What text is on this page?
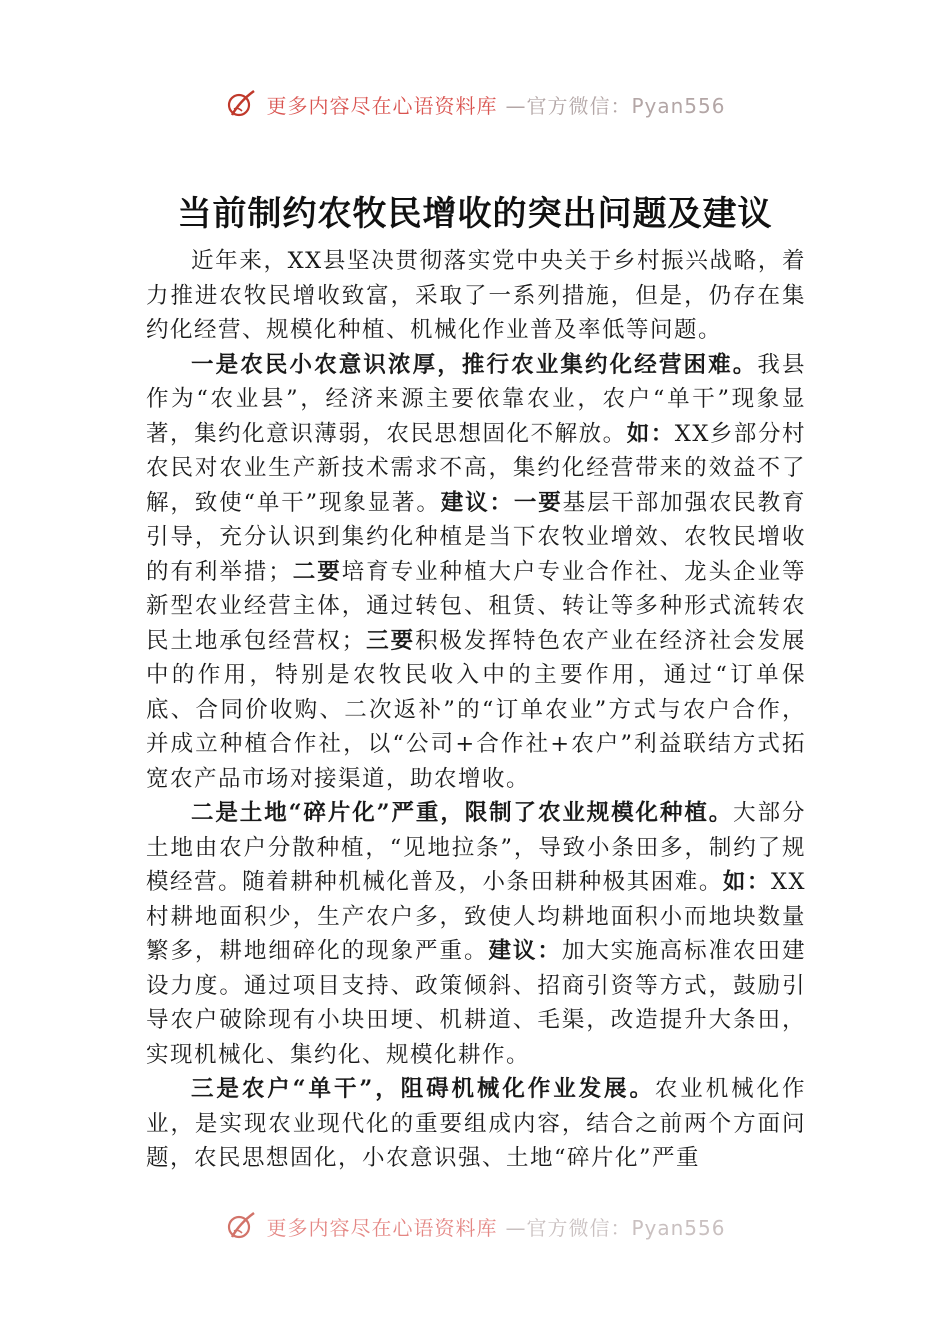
更多内容尽在心语资料库 —官方微信：Pyan556
当前制约农牧民增收的突出问题及建议

近年来，XX县坚决贯彻落实党中央关于乡村振兴战略，着力推进农牧民增收致富，采取了一系列措施，但是，仍存在集约化经营、规模化种植、机械化作业普及率低等问题。

一是农民小农意识浓厚，推行农业集约化经营困难。我县作为“农业县”，经济来源主要依靠农业，农户“单干”现象显著，集约化意识薄弱，农民思想固化不解放。如：XX乡部分村农民对农业生产新技术需求不高，集约化经营带来的效益不了解，致使“单干”现象显著。建议：一要基层干部加强农民教育引导，充分认识到集约化种植是当下农牧业增效、农牧民增收的有利举措；二要培育专业种植大户专业合作社、龙头企业等新型农业经营主体，通过转包、租赁、转让等多种形式流转农民土地承包经营权；三要积极发挥特色农产业在经济社会发展中的作用，特别是农牧民收入中的主要作用，通过“订单保底、合同价收购、二次返补”的“订单农业”方式与农户合作，并成立种植合作社，以“公司+合作社+农户”利益联结方式拓宽农产品市场对接渠道，助农增收。

二是土地“碎片化”严重，限制了农业规模化种植。大部分土地由农户分散种植，“见地拉条”，导致小条田多，制约了规模经营。随着耕种机械化普及，小条田耕种极其困难。如：XX村耕地面积少，生产农户多，致使人均耕地面积小而地块数量繁多，耕地细碎化的现象严重。建议：加大实施高标准农田建设力度。通过项目支持、政策倾斜、招商引资等方式，鼓励引导农户破除现有小块田埂、机耕道、毛渠，改造提升大条田，实现机械化、集约化、规模化耕作。

三是农户“单干”，阻碍机械化作业发展。农业机械化作业，是实现农业现代化的重要组成内容，结合之前两个方面问题，农民思想固化，小农意识强、土地“碎片化”严重

更多内容尽在心语资料库 —官方微信：Pyan556
